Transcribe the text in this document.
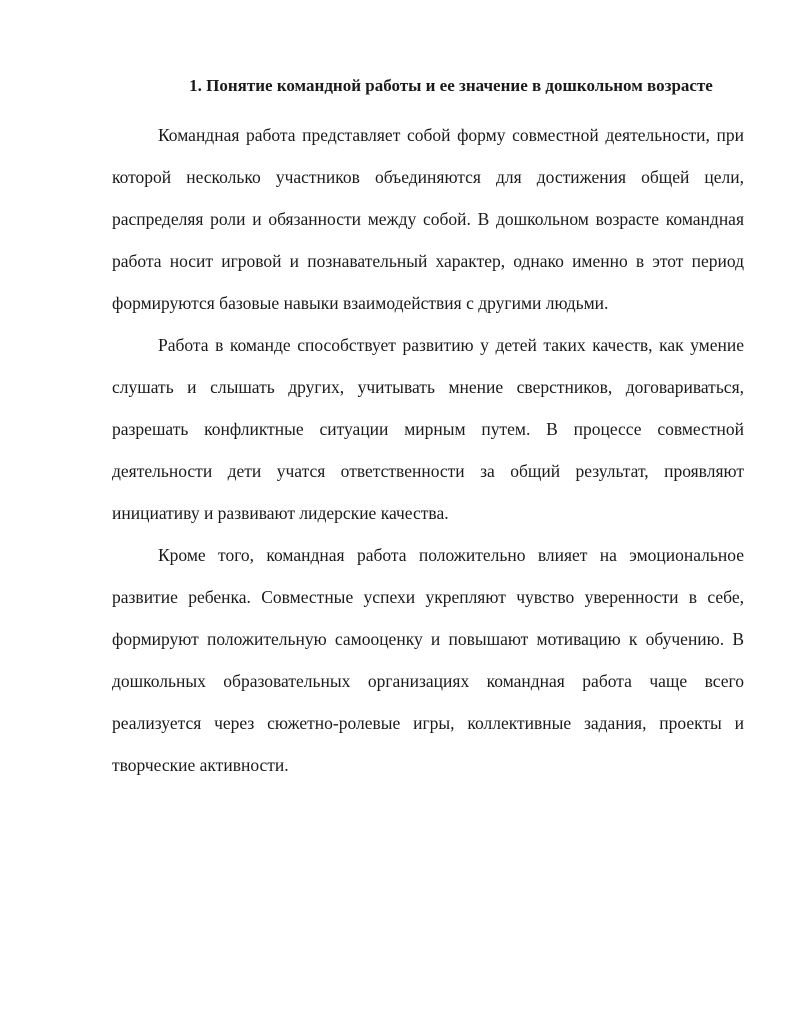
1. Понятие командной работы и ее значение в дошкольном возрасте

Командная работа представляет собой форму совместной деятельности, при которой несколько участников объединяются для достижения общей цели, распределяя роли и обязанности между собой. В дошкольном возрасте командная работа носит игровой и познавательный характер, однако именно в этот период формируются базовые навыки взаимодействия с другими людьми.

Работа в команде способствует развитию у детей таких качеств, как умение слушать и слышать других, учитывать мнение сверстников, договариваться, разрешать конфликтные ситуации мирным путем. В процессе совместной деятельности дети учатся ответственности за общий результат, проявляют инициативу и развивают лидерские качества.

Кроме того, командная работа положительно влияет на эмоциональное развитие ребенка. Совместные успехи укрепляют чувство уверенности в себе, формируют положительную самооценку и повышают мотивацию к обучению. В дошкольных образовательных организациях командная работа чаще всего реализуется через сюжетно-ролевые игры, коллективные задания, проекты и творческие активности.
